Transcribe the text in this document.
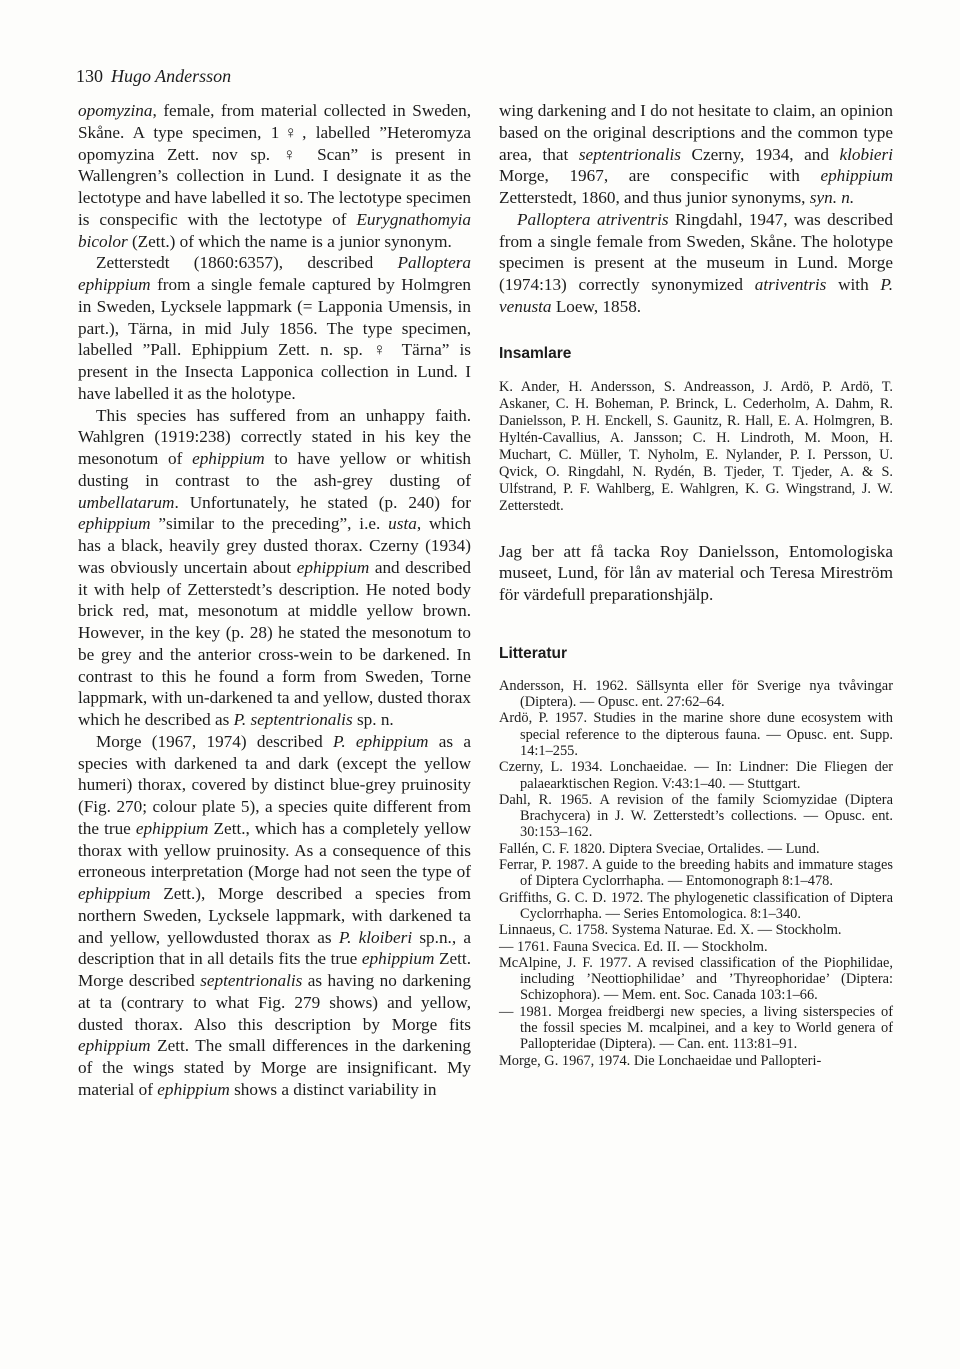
130 Hugo Andersson

opomyzina, female, from material collected in Sweden, Skåne. A type specimen, 1♀, labelled ”Heteromyza opomyzina Zett. nov sp. ♀ Scan” is present in Wallengren’s collection in Lund. I designate it as the lectotype and have labelled it so. The lectotype specimen is conspecific with the lectotype of Eurygnathomyia bicolor (Zett.) of which the name is a junior synonym.

Zetterstedt (1860:6357), described Palloptera ephippium from a single female captured by Holmgren in Sweden, Lycksele lappmark (= Lapponia Umensis, in part.), Tärna, in mid July 1856. The type specimen, labelled ”Pall. Ephippium Zett. n. sp. ♀ Tärna” is present in the Insecta Lapponica collection in Lund. I have labelled it as the holotype.

This species has suffered from an unhappy faith. Wahlgren (1919:238) correctly stated in his key the mesonotum of ephippium to have yellow or whitish dusting in contrast to the ash-grey dusting of umbellatarum. Unfortunately, he stated (p. 240) for ephippium ”similar to the preceding”, i.e. usta, which has a black, heavily grey dusted thorax. Czerny (1934) was obviously uncertain about ephippium and described it with help of Zetterstedt’s description. He noted body brick red, mat, mesonotum at middle yellow brown. However, in the key (p. 28) he stated the mesonotum to be grey and the anterior cross-wein to be darkened. In contrast to this he found a form from Sweden, Torne lappmark, with un-darkened ta and yellow, dusted thorax which he described as P. septentrionalis sp. n.

Morge (1967, 1974) described P. ephippium as a species with darkened ta and dark (except the yellow humeri) thorax, covered by distinct blue-grey pruinosity (Fig. 270; colour plate 5), a species quite different from the true ephippium Zett., which has a completely yellow thorax with yellow pruinosity. As a consequence of this erroneous interpretation (Morge had not seen the type of ephippium Zett.), Morge described a species from northern Sweden, Lycksele lappmark, with darkened ta and yellow, yellowdusted thorax as P. kloiberi sp.n., a description that in all details fits the true ephippium Zett. Morge described septentrionalis as having no darkening at ta (contrary to what Fig. 279 shows) and yellow, dusted thorax. Also this description by Morge fits ephippium Zett. The small differences in the darkening of the wings stated by Morge are insignificant. My material of ephippium shows a distinct variability in

wing darkening and I do not hesitate to claim, an opinion based on the original descriptions and the common type area, that septentrionalis Czerny, 1934, and klobieri Morge, 1967, are conspecific with ephippium Zetterstedt, 1860, and thus junior synonyms, syn. n.

Palloptera atriventris Ringdahl, 1947, was described from a single female from Sweden, Skåne. The holotype specimen is present at the museum in Lund. Morge (1974:13) correctly synonymized atriventris with P. venusta Loew, 1858.

Insamlare

K. Ander, H. Andersson, S. Andreasson, J. Ardö, P. Ardö, T. Askaner, C. H. Boheman, P. Brinck, L. Cederholm, A. Dahm, R. Danielsson, P. H. Enckell, S. Gaunitz, R. Hall, E. A. Holmgren, B. Hyltén-Cavallius, A. Jansson; C. H. Lindroth, M. Moon, H. Muchart, C. Müller, T. Nyholm, E. Nylander, P. I. Persson, U. Qvick, O. Ringdahl, N. Rydén, B. Tjeder, T. Tjeder, A. & S. Ulfstrand, P. F. Wahlberg, E. Wahlgren, K. G. Wingstrand, J. W. Zetterstedt.

Jag ber att få tacka Roy Danielsson, Entomologiska museet, Lund, för lån av material och Teresa Mireström för värdefull preparationshjälp.

Litteratur

Andersson, H. 1962. Sällsynta eller för Sverige nya tvåvingar (Diptera). — Opusc. ent. 27:62–64.

Ardö, P. 1957. Studies in the marine shore dune ecosystem with special reference to the dipterous fauna. — Opusc. ent. Supp. 14:1–255.

Czerny, L. 1934. Lonchaeidae. — In: Lindner: Die Fliegen der palaearktischen Region. V:43:1–40. — Stuttgart.

Dahl, R. 1965. A revision of the family Sciomyzidae (Diptera Brachycera) in J. W. Zetterstedt’s collections. — Opusc. ent. 30:153–162.

Fallén, C. F. 1820. Diptera Sveciae, Ortalides. — Lund.

Ferrar, P. 1987. A guide to the breeding habits and immature stages of Diptera Cyclorrhapha. — Entomonograph 8:1–478.

Griffiths, G. C. D. 1972. The phylogenetic classification of Diptera Cyclorrhapha. — Series Entomologica. 8:1–340.

Linnaeus, C. 1758. Systema Naturae. Ed. X. — Stockholm.

— 1761. Fauna Svecica. Ed. II. — Stockholm.

McAlpine, J. F. 1977. A revised classification of the Piophilidae, including ’Neottiophilidae’ and ’Thyreophoridae’ (Diptera: Schizophora). — Mem. ent. Soc. Canada 103:1–66.

— 1981. Morgea freidbergi new species, a living sisterspecies of the fossil species M. mcalpinei, and a key to World genera of Pallopteridae (Diptera). — Can. ent. 113:81–91.

Morge, G. 1967, 1974. Die Lonchaeidae und Pallopteri-
